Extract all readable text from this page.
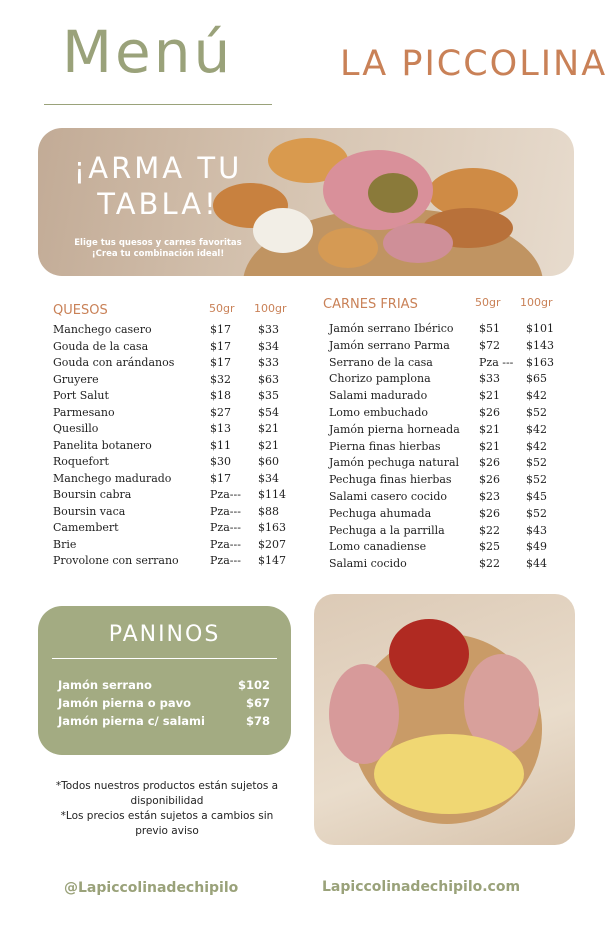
Menú	LA PICCOLINA
¡ARMA TU
TABLA!
Elige tus quesos y carnes favoritas
¡Crea tu combinación ideal!
QUESOS	50gr 100gr
Manchego casero	$17 $33
Gouda de la casa	$17 $34
Gouda con arándanos	$17 $33
Gruyere	$32 $63
Port Salut	$18 $35
Parmesano	$27 $54
Quesillo	$13 $21
Panelita botanero	$11 $21
Roquefort	$30 $60
Manchego madurado	$17 $34
Boursin cabra	Pza--- $114
Boursin vaca	Pza--- $88
Camembert	Pza--- $163
Brie	Pza--- $207
Provolone con serrano	Pza--- $147
CARNES FRIAS	50gr 100gr
Jamón serrano Ibérico $51 $101
Jamón serrano Parma	$72 $143
Serrano de la casa	Pza --- $163
Chorizo pamplona	$33 $65
Salami madurado	$21 $42
Lomo embuchado	$26 $52
Jamón pierna horneada $21 $42
Pierna finas hierbas	$21 $42
Jamón pechuga natural $26 $52
Pechuga finas hierbas $26 $52
Salami casero cocido	$23 $45
Pechuga ahumada	$26 $52
Pechuga a la parrilla	$22 $43
Lomo canadiense	$25 $49
Salami cocido	$22 $44
PANINOS
Jamón serrano	$102
Jamón pierna o pavo	$67
Jamón pierna c/ salami	$78
*Todos nuestros productos están sujetos a
disponibilidad
*Los precios están sujetos a cambios sin
previo aviso
@Lapiccolinadechipilo	Lapiccolinadechipilo.com
